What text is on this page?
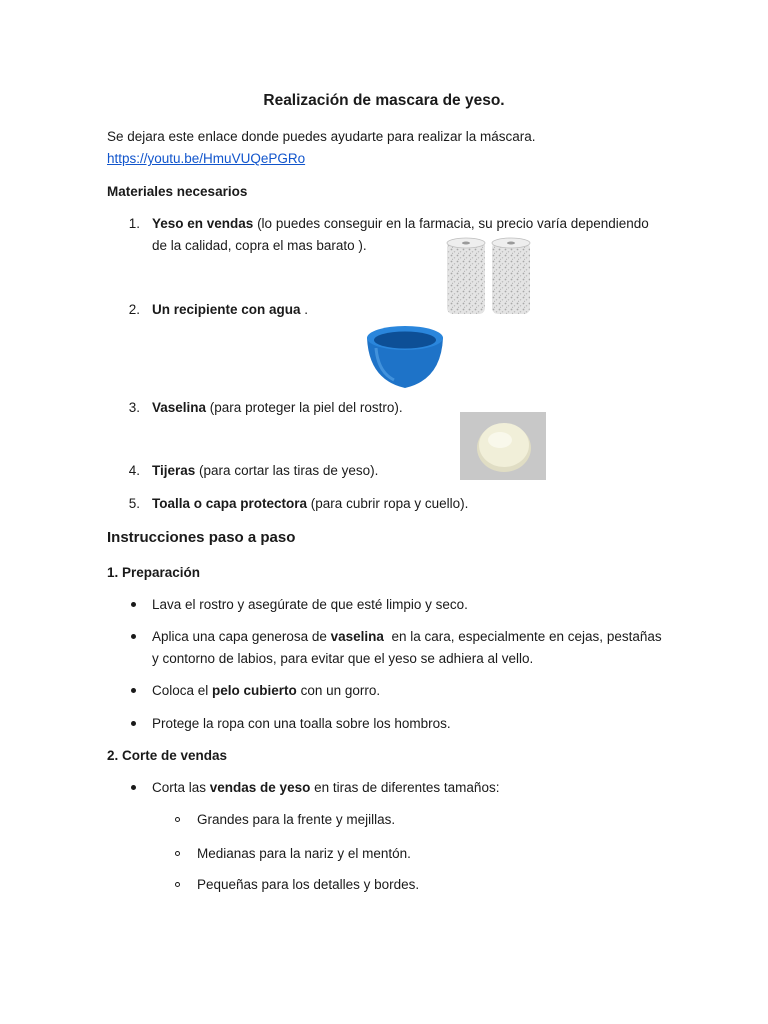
Realización de mascara de yeso.
Se dejara este enlace donde puedes ayudarte para realizar la máscara.
https://youtu.be/HmuVUQePGRo
Materiales necesarios
1. Yeso en vendas (lo puedes conseguir en la farmacia, su precio varía dependiendo
de la calidad, copra el mas barato ).
2. Un recipiente con agua .
3. Vaselina (para proteger la piel del rostro).
4. Tijeras (para cortar las tiras de yeso).
5. Toalla o capa protectora (para cubrir ropa y cuello).
Instrucciones paso a paso
1. Preparación
Lava el rostro y asegúrate de que esté limpio y seco.
Aplica una capa generosa de vaselina  en la cara, especialmente en cejas, pestañas
y contorno de labios, para evitar que el yeso se adhiera al vello.
Coloca el pelo cubierto con un gorro.
Protege la ropa con una toalla sobre los hombros.
2. Corte de vendas
Corta las vendas de yeso en tiras de diferentes tamaños:
Grandes para la frente y mejillas.
Medianas para la nariz y el mentón.
Pequeñas para los detalles y bordes.
